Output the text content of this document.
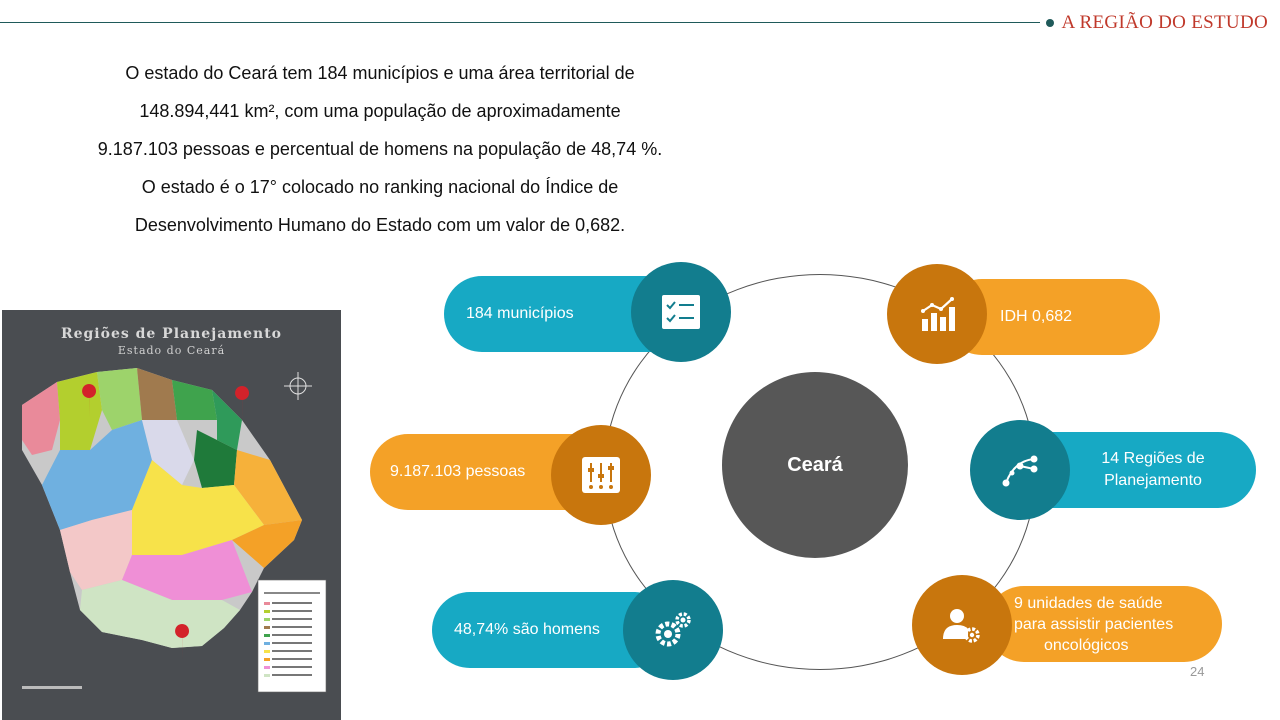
A REGIÃO DO ESTUDO

O estado do Ceará tem 184 municípios e uma área territorial de

148.894,441 km², com uma população de aproximadamente

9.187.103 pessoas e percentual de homens na população de 48,74 %.

O estado é o 17° colocado no ranking nacional do Índice de

Desenvolvimento Humano do Estado com um valor de 0,682.

Regiões de Planejamento
Estado do Ceará
Ceará
184 municípios	IDH 0,682
9.187.103 pessoas
14 Regiões de
Planejamento
48,74% são homens
9 unidades de saúde
para assistir pacientes
oncológicos
24
